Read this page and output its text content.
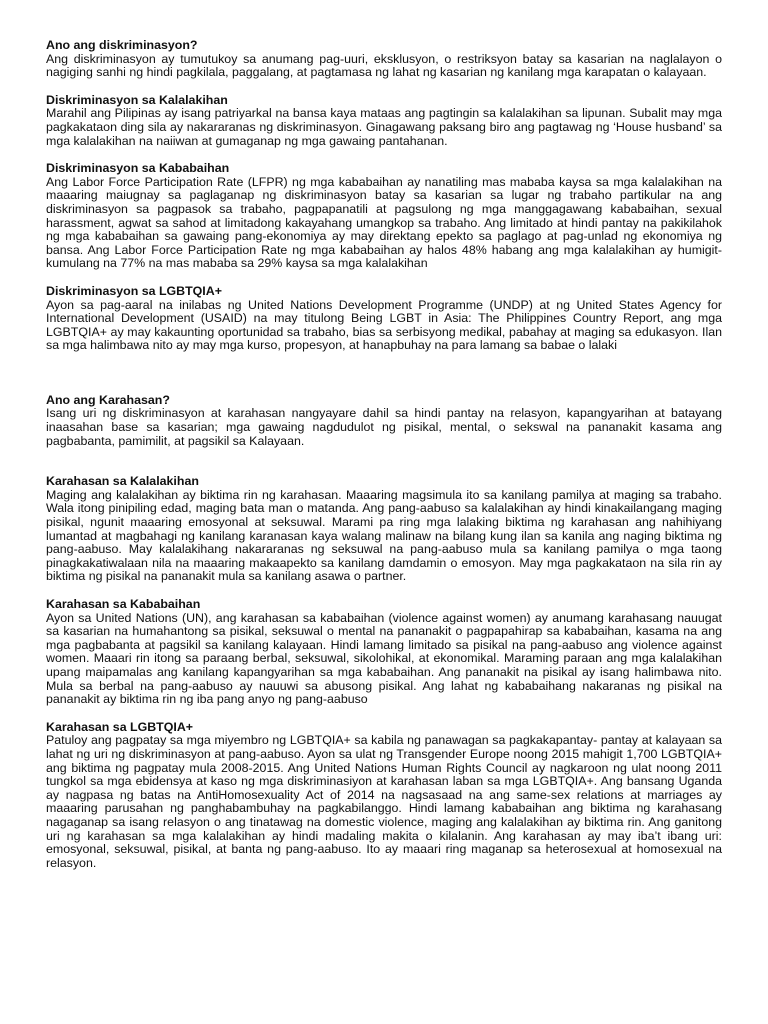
Ano ang diskriminasyon?

Ang diskriminasyon ay tumutukoy sa anumang pag-uuri, eksklusyon, o restriksyon batay sa kasarian na naglalayon o nagiging sanhi ng hindi pagkilala, paggalang, at pagtamasa ng lahat ng kasarian ng kanilang mga karapatan o kalayaan.

Diskriminasyon sa Kalalakihan

Marahil ang Pilipinas ay isang patriyarkal na bansa kaya mataas ang pagtingin sa kalalakihan sa lipunan. Subalit may mga pagkakataon ding sila ay nakararanas ng diskriminasyon. Ginagawang paksang biro ang pagtawag ng ‘House husband’ sa mga kalalakihan na naiiwan at gumaganap ng mga gawaing pantahanan.

Diskriminasyon sa Kababaihan

Ang Labor Force Participation Rate (LFPR) ng mga kababaihan ay nanatiling mas mababa kaysa sa mga kalalakihan na maaaring maiugnay sa paglaganap ng diskriminasyon batay sa kasarian sa lugar ng trabaho partikular na ang diskriminasyon sa pagpasok sa trabaho, pagpapanatili at pagsulong ng mga manggagawang kababaihan, sexual harassment, agwat sa sahod at limitadong kakayahang umangkop sa trabaho. Ang limitado at hindi pantay na pakikilahok ng mga kababaihan sa gawaing pang-ekonomiya ay may direktang epekto sa paglago at pag-unlad ng ekonomiya ng bansa. Ang Labor Force Participation Rate ng mga kababaihan ay halos 48% habang ang mga kalalakihan ay humigit-kumulang na 77% na mas mababa sa 29% kaysa sa mga kalalakihan

Diskriminasyon sa LGBTQIA+

Ayon sa pag-aaral na inilabas ng United Nations Development Programme (UNDP) at ng United States Agency for International Development (USAID) na may titulong Being LGBT in Asia: The Philippines Country Report, ang mga LGBTQIA+ ay may kakaunting oportunidad sa trabaho, bias sa serbisyong medikal, pabahay at maging sa edukasyon. Ilan sa mga halimbawa nito ay may mga kurso, propesyon, at hanapbuhay na para lamang sa babae o lalaki

Ano ang Karahasan?

Isang uri ng diskriminasyon at karahasan nangyayare dahil sa hindi pantay na relasyon, kapangyarihan at batayang inaasahan base sa kasarian; mga gawaing nagdudulot ng pisikal, mental, o sekswal na pananakit kasama ang pagbabanta, pamimilit, at pagsikil sa Kalayaan.

Karahasan sa Kalalakihan

Maging ang kalalakihan ay biktima rin ng karahasan. Maaaring magsimula ito sa kanilang pamilya at maging sa trabaho. Wala itong pinipiling edad, maging bata man o matanda. Ang pang-aabuso sa kalalakihan ay hindi kinakailangang maging pisikal, ngunit maaaring emosyonal at seksuwal. Marami pa ring mga lalaking biktima ng karahasan ang nahihiyang lumantad at magbahagi ng kanilang karanasan kaya walang malinaw na bilang kung ilan sa kanila ang naging biktima ng pang-aabuso. May kalalakihang nakararanas ng seksuwal na pang-aabuso mula sa kanilang pamilya o mga taong pinagkakatiwalaan nila na maaaring makaapekto sa kanilang damdamin o emosyon. May mga pagkakataon na sila rin ay biktima ng pisikal na pananakit mula sa kanilang asawa o partner.

Karahasan sa Kababaihan

Ayon sa United Nations (UN), ang karahasan sa kababaihan (violence against women) ay anumang karahasang nauugat sa kasarian na humahantong sa pisikal, seksuwal o mental na pananakit o pagpapahirap sa kababaihan, kasama na ang mga pagbabanta at pagsikil sa kanilang kalayaan. Hindi lamang limitado sa pisikal na pang-aabuso ang violence against women. Maaari rin itong sa paraang berbal, seksuwal, sikolohikal, at ekonomikal. Maraming paraan ang mga kalalakihan upang maipamalas ang kanilang kapangyarihan sa mga kababaihan. Ang pananakit na pisikal ay isang halimbawa nito. Mula sa berbal na pang-aabuso ay nauuwi sa abusong pisikal. Ang lahat ng kababaihang nakaranas ng pisikal na pananakit ay biktima rin ng iba pang anyo ng pang-aabuso

Karahasan sa LGBTQIA+

Patuloy ang pagpatay sa mga miyembro ng LGBTQIA+ sa kabila ng panawagan sa pagkakapantay- pantay at kalayaan sa lahat ng uri ng diskriminasyon at pang-aabuso. Ayon sa ulat ng Transgender Europe noong 2015 mahigit 1,700 LGBTQIA+ ang biktima ng pagpatay mula 2008-2015. Ang United Nations Human Rights Council ay nagkaroon ng ulat noong 2011 tungkol sa mga ebidensya at kaso ng mga diskriminasiyon at karahasan laban sa mga LGBTQIA+. Ang bansang Uganda ay nagpasa ng batas na AntiHomosexuality Act of 2014 na nagsasaad na ang same-sex relations at marriages ay maaaring parusahan ng panghabambuhay na pagkabilanggo. Hindi lamang kababaihan ang biktima ng karahasang nagaganap sa isang relasyon o ang tinatawag na domestic violence, maging ang kalalakihan ay biktima rin. Ang ganitong uri ng karahasan sa mga kalalakihan ay hindi madaling makita o kilalanin. Ang karahasan ay may iba’t ibang uri: emosyonal, seksuwal, pisikal, at banta ng pang-aabuso. Ito ay maaari ring maganap sa heterosexual at homosexual na relasyon.
